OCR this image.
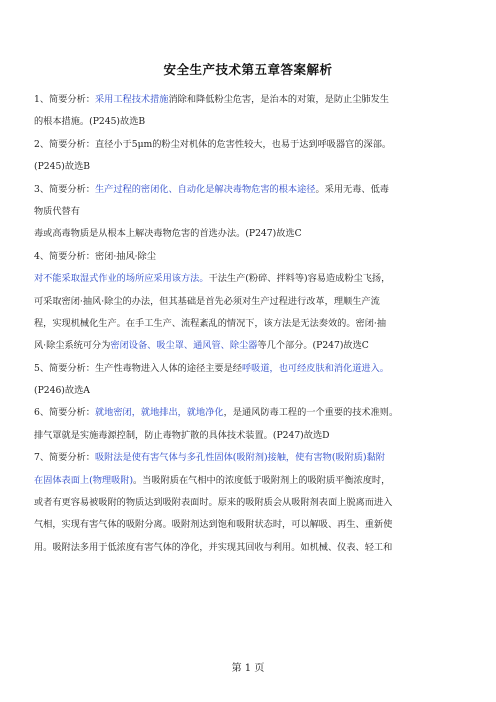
安全生产技术第五章答案解析
1、简要分析：采用工程技术措施消除和降低粉尘危害，是治本的对策，是防止尘肺发生
的根本措施。(P245)故选B
2、简要分析：直径小于5μm的粉尘对机体的危害性较大，也易于达到呼吸器官的深部。
(P245)故选B
3、简要分析：生产过程的密闭化、自动化是解决毒物危害的根本途径。采用无毒、低毒
物质代替有
毒或高毒物质是从根本上解决毒物危害的首选办法。(P247)故选C
4、简要分析：密闭·抽风·除尘
对不能采取湿式作业的场所应采用该方法。干法生产(粉碎、拌料等)容易造成粉尘飞扬，
可采取密闭·抽风·除尘的办法，但其基础是首先必须对生产过程进行改革，理顺生产流
程，实现机械化生产。在手工生产、流程紊乱的情况下，该方法是无法奏效的。密闭·抽
风·除尘系统可分为密闭设备、吸尘罩、通风管、除尘器等几个部分。(P247)故选C
5、简要分析：生产性毒物进入人体的途径主要是经呼吸道，也可经皮肤和消化道进入。
(P246)故选A
6、简要分析：就地密闭，就地排出，就地净化，是通风防毒工程的一个重要的技术准则。
排气罩就是实施毒源控制，防止毒物扩散的具体技术装置。(P247)故选D
7、简要分析：吸附法是使有害气体与多孔性固体(吸附剂)接触，使有害物(吸附质)黏附
在固体表面上(物理吸附)。当吸附质在气相中的浓度低于吸附剂上的吸附质平衡浓度时，
或者有更容易被吸附的物质达到吸附表面时。原来的吸附质会从吸附剂表面上脱离而进入
气相，实现有害气体的吸附分离。吸附剂达到饱和吸附状态时，可以解吸、再生、重新使
用。吸附法多用于低浓度有害气体的净化，并实现其回收与利用。如机械、仪表、轻工和
第 1 页
